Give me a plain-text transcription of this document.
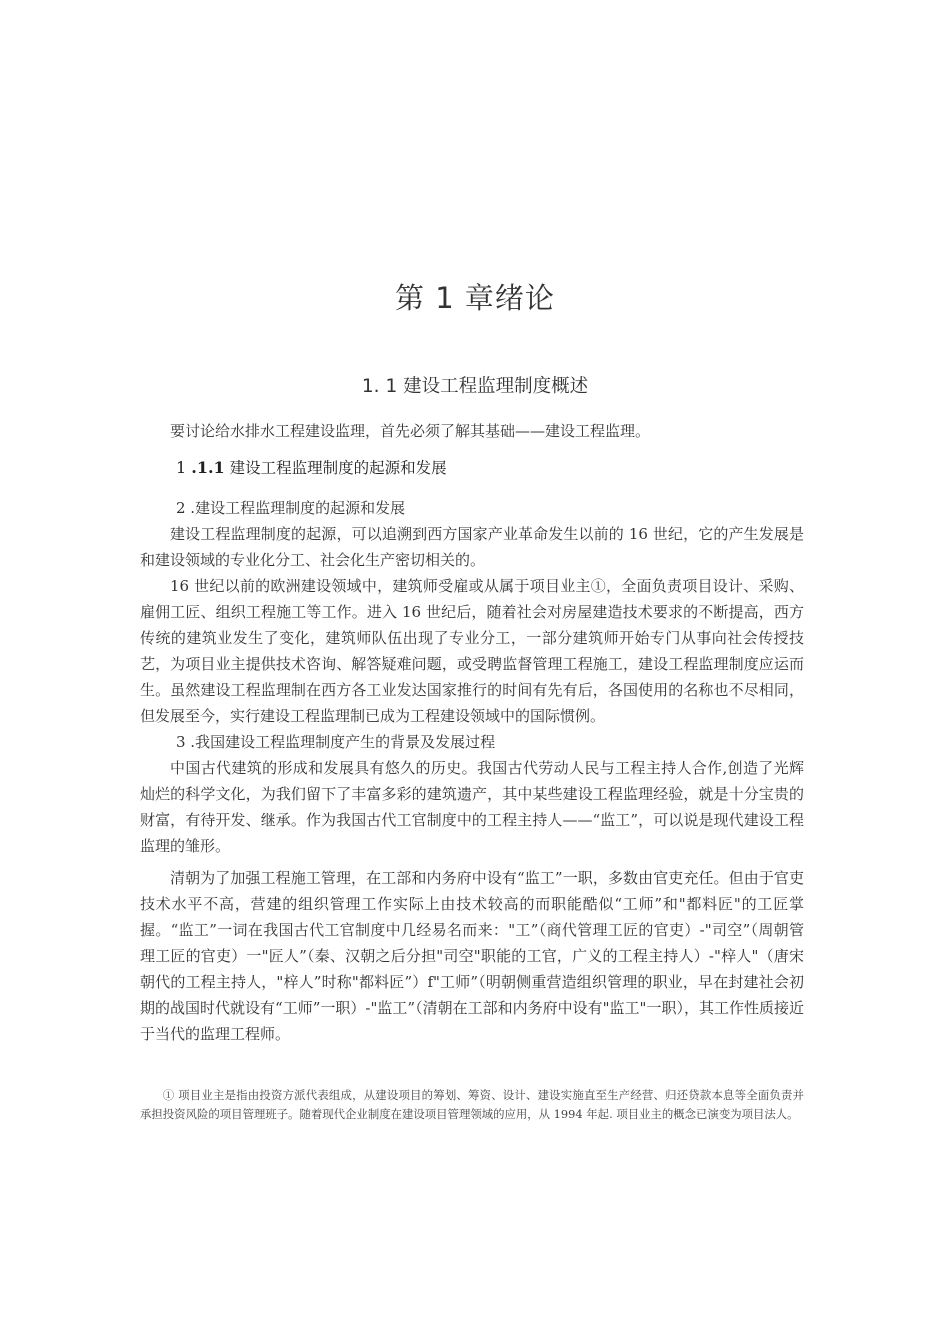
第 1 章绪论
1. 1 建设工程监理制度概述

要讨论给水排水工程建设监理，首先必须了解其基础——建设工程监理。

1 .1.1 建设工程监理制度的起源和发展

2 .建设工程监理制度的起源和发展

建设工程监理制度的起源，可以追溯到西方国家产业革命发生以前的 16 世纪，它的产生发展是和建设领域的专业化分工、社会化生产密切相关的。

16 世纪以前的欧洲建设领域中，建筑师受雇或从属于项目业主①，全面负责项目设计、采购、雇佣工匠、组织工程施工等工作。进入 16 世纪后，随着社会对房屋建造技术要求的不断提高，西方传统的建筑业发生了变化，建筑师队伍出现了专业分工，一部分建筑师开始专门从事向社会传授技艺，为项目业主提供技术咨询、解答疑难问题，或受聘监督管理工程施工，建设工程监理制度应运而生。虽然建设工程监理制在西方各工业发达国家推行的时间有先有后，各国使用的名称也不尽相同，但发展至今，实行建设工程监理制已成为工程建设领域中的国际惯例。

3 .我国建设工程监理制度产生的背景及发展过程

中国古代建筑的形成和发展具有悠久的历史。我国古代劳动人民与工程主持人合作,创造了光辉灿烂的科学文化，为我们留下了丰富多彩的建筑遗产，其中某些建设工程监理经验，就是十分宝贵的财富，有待开发、继承。作为我国古代工官制度中的工程主持人——“监工”，可以说是现代建设工程监理的雏形。

清朝为了加强工程施工管理，在工部和内务府中设有“监工”一职，多数由官吏充任。但由于官吏技术水平不高，营建的组织管理工作实际上由技术较高的而职能酷似“工师”和"都料匠"的工匠掌握。“监工”一词在我国古代工官制度中几经易名而来："工”（商代管理工匠的官吏）-"司空”（周朝管理工匠的官吏）一"匠人”（秦、汉朝之后分担"司空"职能的工官，广义的工程主持人）-"梓人"（唐宋朝代的工程主持人，"梓人”时称"都料匠”）f"工师”（明朝侧重营造组织管理的职业，早在封建社会初期的战国时代就设有“工师”一职）-"监工”（清朝在工部和内务府中设有"监工"一职），其工作性质接近于当代的监理工程师。

① 项目业主是指由投资方派代表组成，从建设项目的筹划、筹资、设计、建设实施直至生产经营、归还贷款本息等全面负责并承担投资风险的项目管理班子。随着现代企业制度在建设项目管理领域的应用，从 1994 年起. 项目业主的概念已演变为项目法人。
